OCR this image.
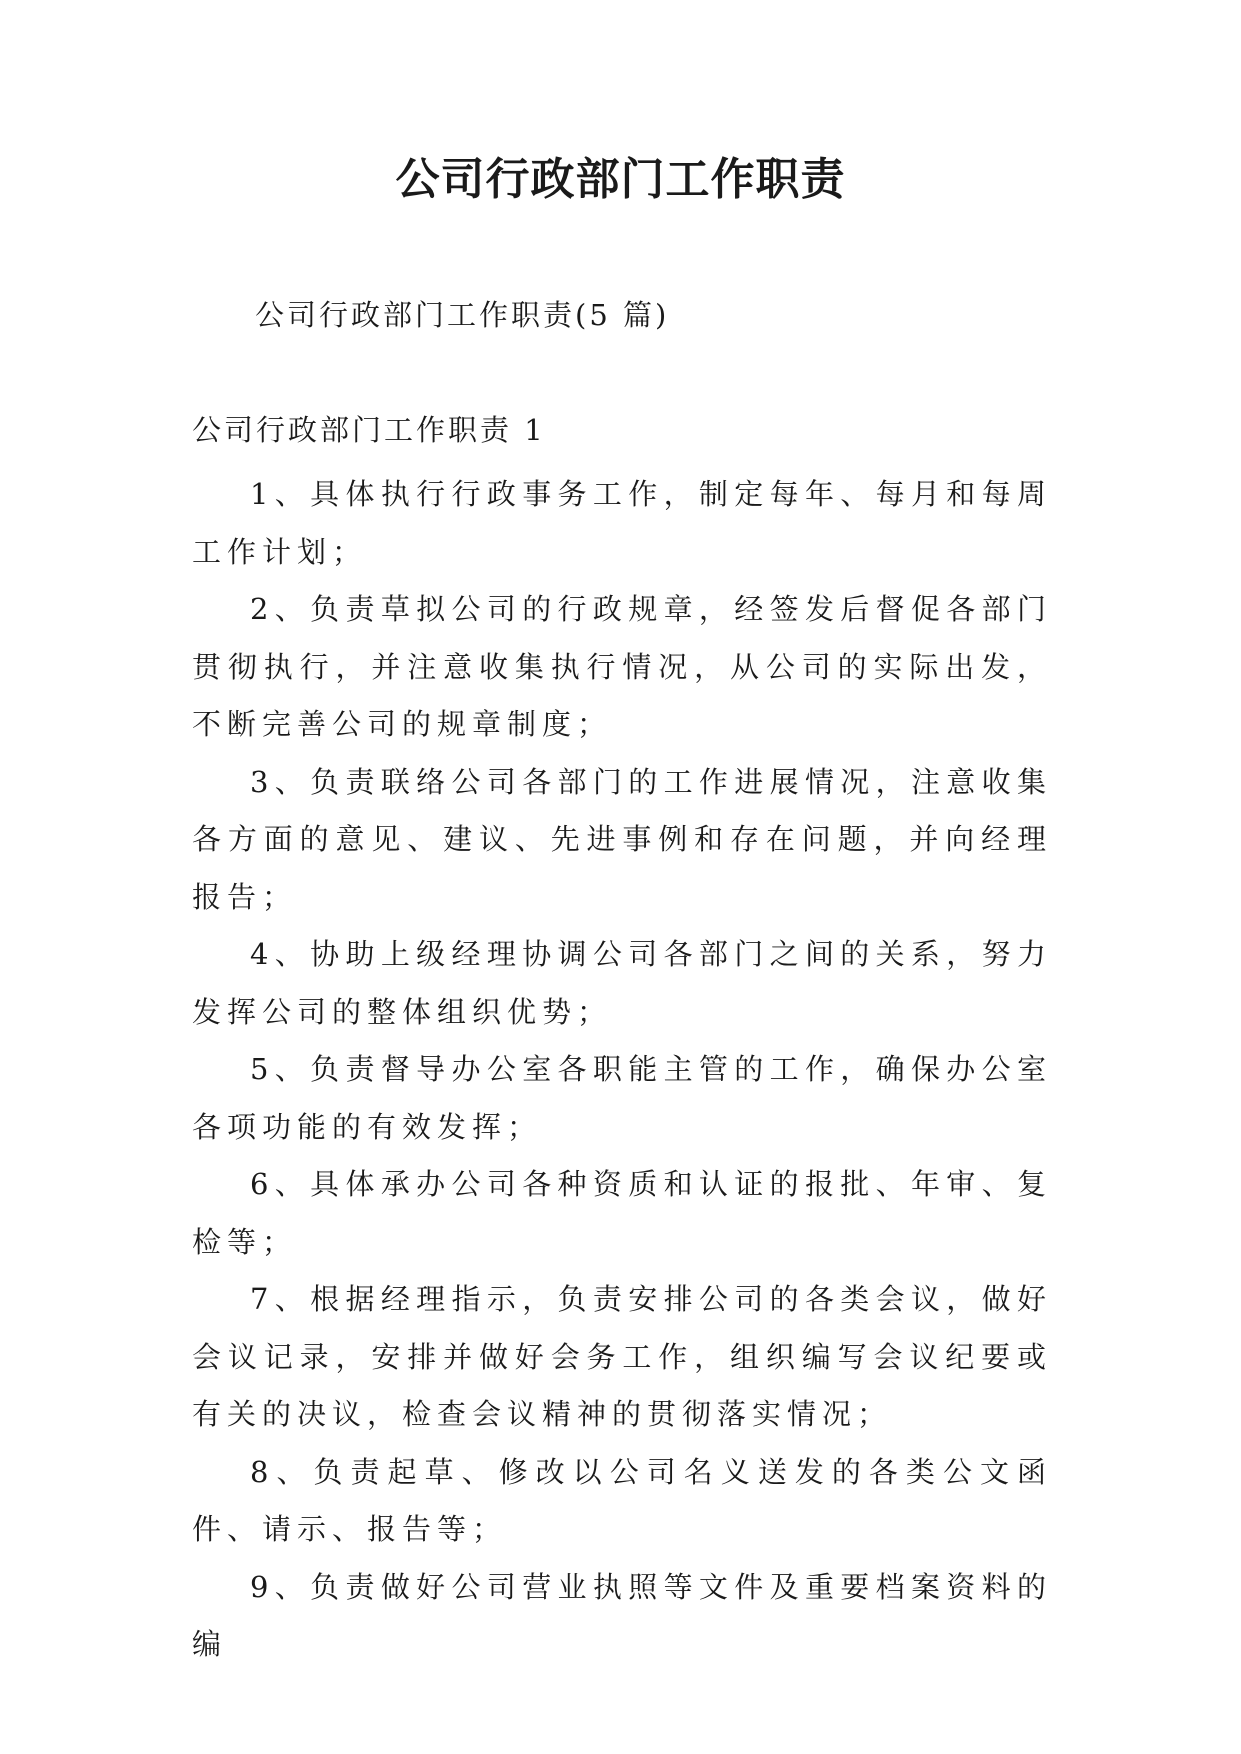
公司行政部门工作职责

公司行政部门工作职责(5 篇)

公司行政部门工作职责 1

1、具体执行行政事务工作，制定每年、每月和每周工作计划；

2、负责草拟公司的行政规章，经签发后督促各部门贯彻执行，并注意收集执行情况，从公司的实际出发，不断完善公司的规章制度；

3、负责联络公司各部门的工作进展情况，注意收集各方面的意见、建议、先进事例和存在问题，并向经理报告；

4、协助上级经理协调公司各部门之间的关系，努力发挥公司的整体组织优势；

5、负责督导办公室各职能主管的工作，确保办公室各项功能的有效发挥；

6、具体承办公司各种资质和认证的报批、年审、复检等；

7、根据经理指示，负责安排公司的各类会议，做好会议记录，安排并做好会务工作，组织编写会议纪要或有关的决议，检查会议精神的贯彻落实情况；

8、负责起草、修改以公司名义送发的各类公文函件、请示、报告等；

9、负责做好公司营业执照等文件及重要档案资料的编
